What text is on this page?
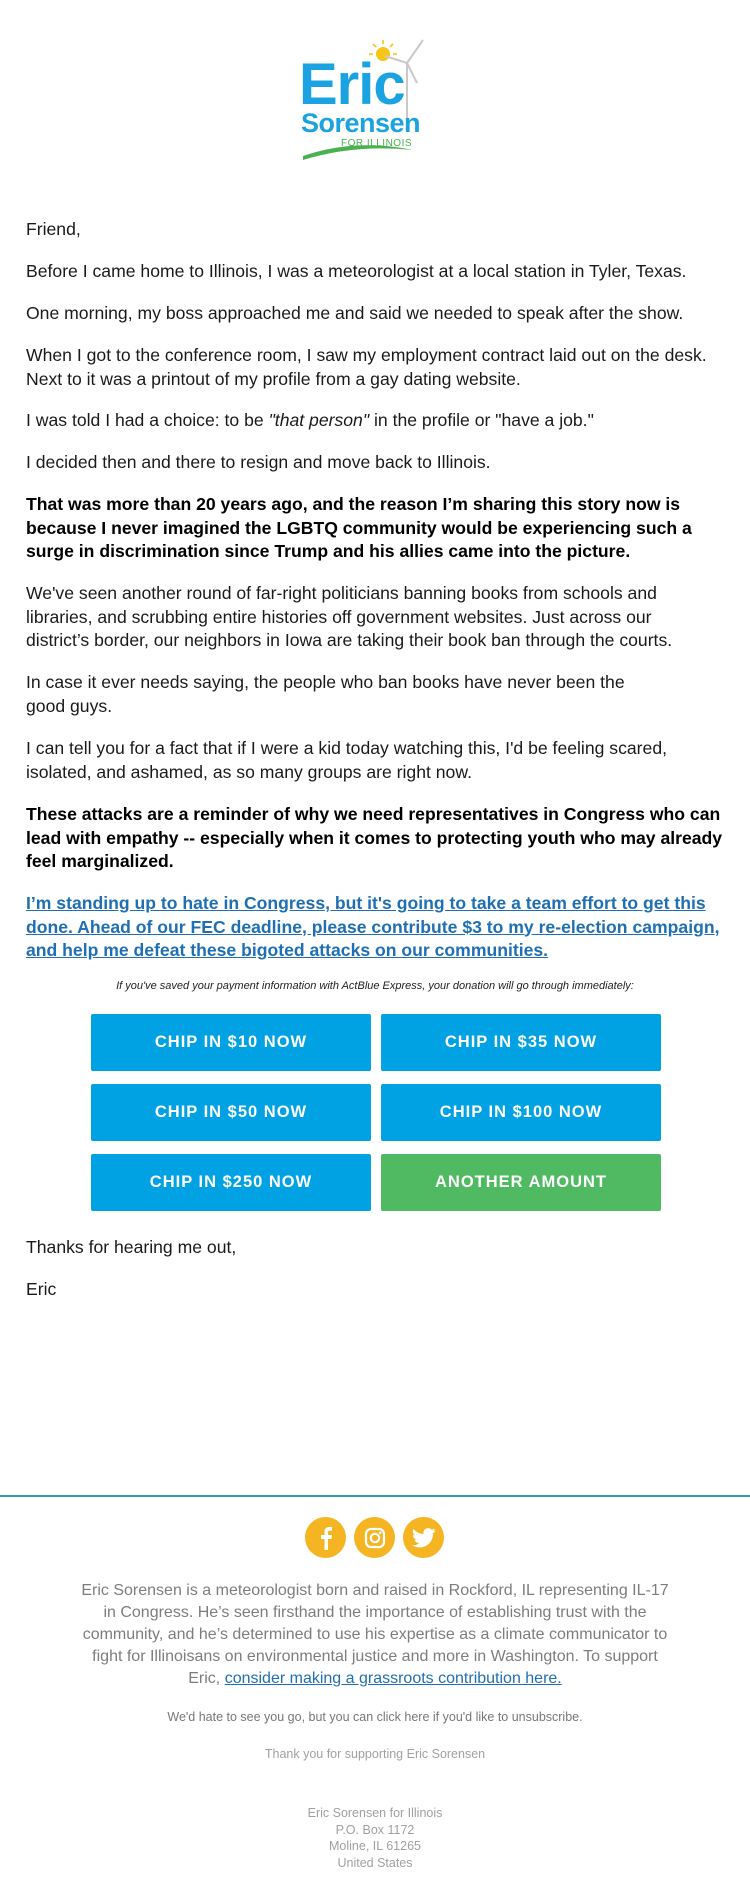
Eric
Sorensen
FOR ILLINOIS
Friend,
Before I came home to Illinois, I was a meteorologist at a local station in Tyler, Texas.
One morning, my boss approached me and said we needed to speak after the show.
When I got to the conference room, I saw my employment contract laid out on the desk. Next to it was a printout of my profile from a gay dating website.
I was told I had a choice: to be "that person" in the profile or "have a job."
I decided then and there to resign and move back to Illinois.
That was more than 20 years ago, and the reason I’m sharing this story now is because I never imagined the LGBTQ community would be experiencing such a surge in discrimination since Trump and his allies came into the picture.
We've seen another round of far-right politicians banning books from schools and libraries, and scrubbing entire histories off government websites. Just across our district’s border, our neighbors in Iowa are taking their book ban through the courts.
In case it ever needs saying, the people who ban books have never been the
good guys.
I can tell you for a fact that if I were a kid today watching this, I'd be feeling scared, isolated, and ashamed, as so many groups are right now.
These attacks are a reminder of why we need representatives in Congress who can lead with empathy -- especially when it comes to protecting youth who may already feel marginalized.
I’m standing up to hate in Congress, but it's going to take a team effort to get this done. Ahead of our FEC deadline, please contribute $3 to my re-election campaign, and help me defeat these bigoted attacks on our communities.
If you've saved your payment information with ActBlue Express, your donation will go through immediately:
CHIP IN $10 NOW	CHIP IN $35 NOW
CHIP IN $50 NOW	CHIP IN $100 NOW
CHIP IN $250 NOW	ANOTHER AMOUNT
Thanks for hearing me out,
Eric
Eric Sorensen is a meteorologist born and raised in Rockford, IL representing IL-17 in Congress. He’s seen firsthand the importance of establishing trust with the community, and he’s determined to use his expertise as a climate communicator to fight for Illinoisans on environmental justice and more in Washington. To support Eric, consider making a grassroots contribution here.
We'd hate to see you go, but you can click here if you'd like to unsubscribe.
Thank you for supporting Eric Sorensen
Eric Sorensen for Illinois
P.O. Box 1172
Moline, IL 61265
United States
